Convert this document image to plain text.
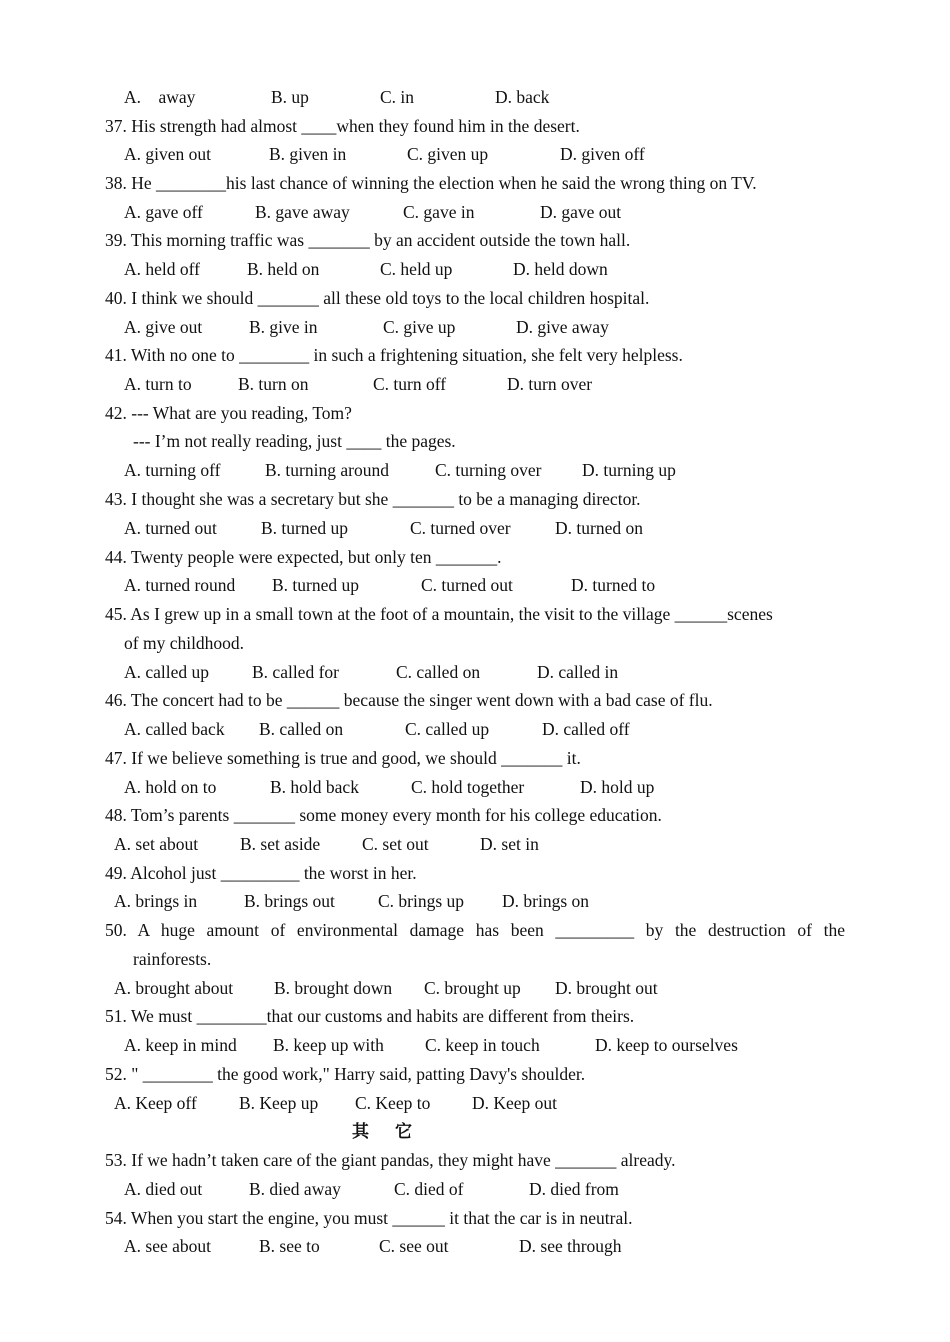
A.    away	B. up	C. in	D. back
37. His strength had almost ____when they found him in the desert.
A. given out	B. given in	C. given up	D. given off
38. He ________his last chance of winning the election when he said the wrong thing on TV.
A. gave off	B. gave away	C. gave in	D. gave out
39. This morning traffic was _______ by an accident outside the town hall.
A. held off	B. held on	C. held up	D. held down
40. I think we should _______ all these old toys to the local children hospital.
A. give out	B. give in	C. give up	D. give away
41. With no one to ________ in such a frightening situation, she felt very helpless.
A. turn to	B. turn on	C. turn off	D. turn over
42. --- What are you reading, Tom?
--- I’m not really reading, just ____ the pages.
A. turning off	B. turning around	C. turning over D. turning up
43. I thought she was a secretary but she _______ to be a managing director.
A. turned out	B. turned up	C. turned over	D. turned on
44. Twenty people were expected, but only ten _______.
A. turned round B. turned up	C. turned out	D. turned to
45. As I grew up in a small town at the foot of a mountain, the visit to the village ______scenes
of my childhood.
A. called up B. called for	C. called on	D. called in
46. The concert had to be ______ because the singer went down with a bad case of flu.
A. called back B. called on	C. called up	D. called off
47. If we believe something is true and good, we should _______ it.
A. hold on to	B. hold back	C. hold together	D. hold up
48. Tom’s parents _______ some money every month for his college education.
A. set about B. set aside C. set out	D. set in
49. Alcohol just _________ the worst in her.
A. brings in	B. brings out C. brings up D. brings on
50. A huge amount of environmental damage has been _________ by the destruction of the
rainforests.
A. brought about B. brought down C. brought up D. brought out
51. We must ________that our customs and habits are different from theirs.
A. keep in mind B. keep up with C. keep in touch	D. keep to ourselves
52. " ________ the good work," Harry said, patting Davy's shoulder.
A. Keep off B. Keep up C. Keep to D. Keep out
其它
53. If we hadn’t taken care of the giant pandas, they might have _______ already.
A. died out	B. died away	C. died of	D. died from
54. When you start the engine, you must ______ it that the car is in neutral.
A. see about	B. see to	C. see out	D. see through
